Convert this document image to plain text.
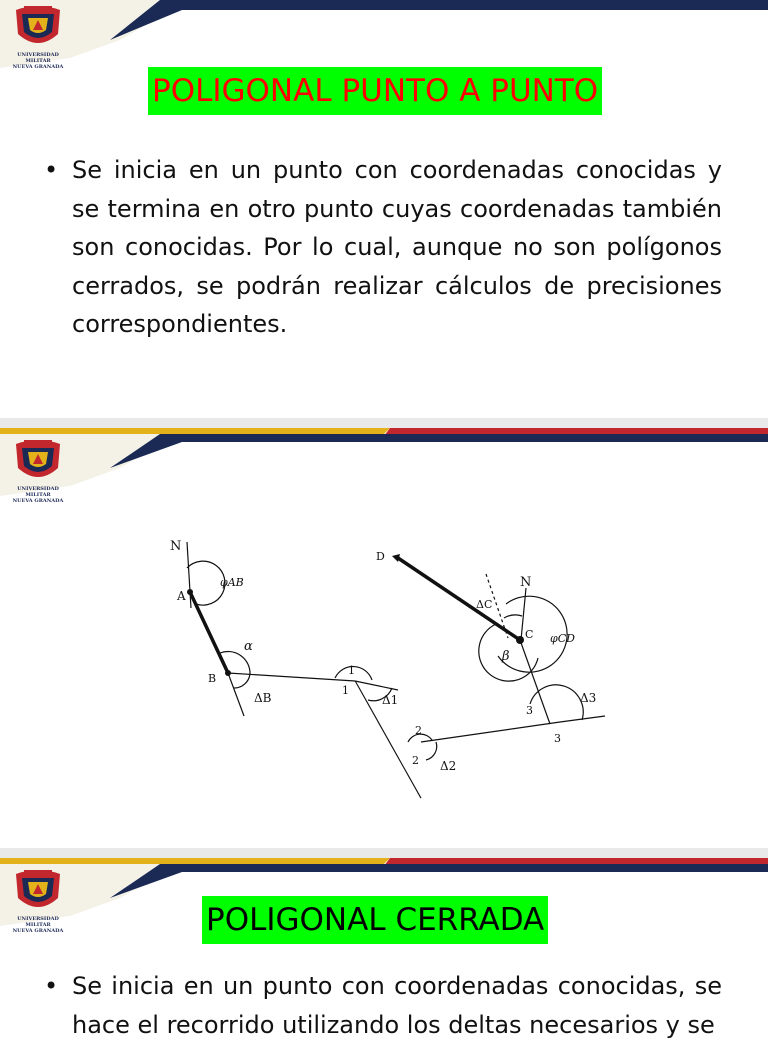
UNIVERSIDAD MILITAR
NUEVA GRANADA
POLIGONAL PUNTO A PUNTO
• Se inicia en un punto con coordenadas conocidas y se termina en otro punto cuyas coordenadas también son conocidas. Por lo cual, aunque no son polígonos cerrados, se podrán realizar cálculos de precisiones correspondientes.
UNIVERSIDAD MILITAR
NUEVA GRANADA
N
A
φAB
α
B
ΔB
1
1
Δ1
2
2 Δ2
D
ΔC
N
C φCD
β
3
3
Δ3
UNIVERSIDAD MILITAR
NUEVA GRANADA	POLIGONAL CERRADA
• Se inicia en un punto con coordenadas conocidas, se hace el recorrido utilizando los deltas necesarios y se
